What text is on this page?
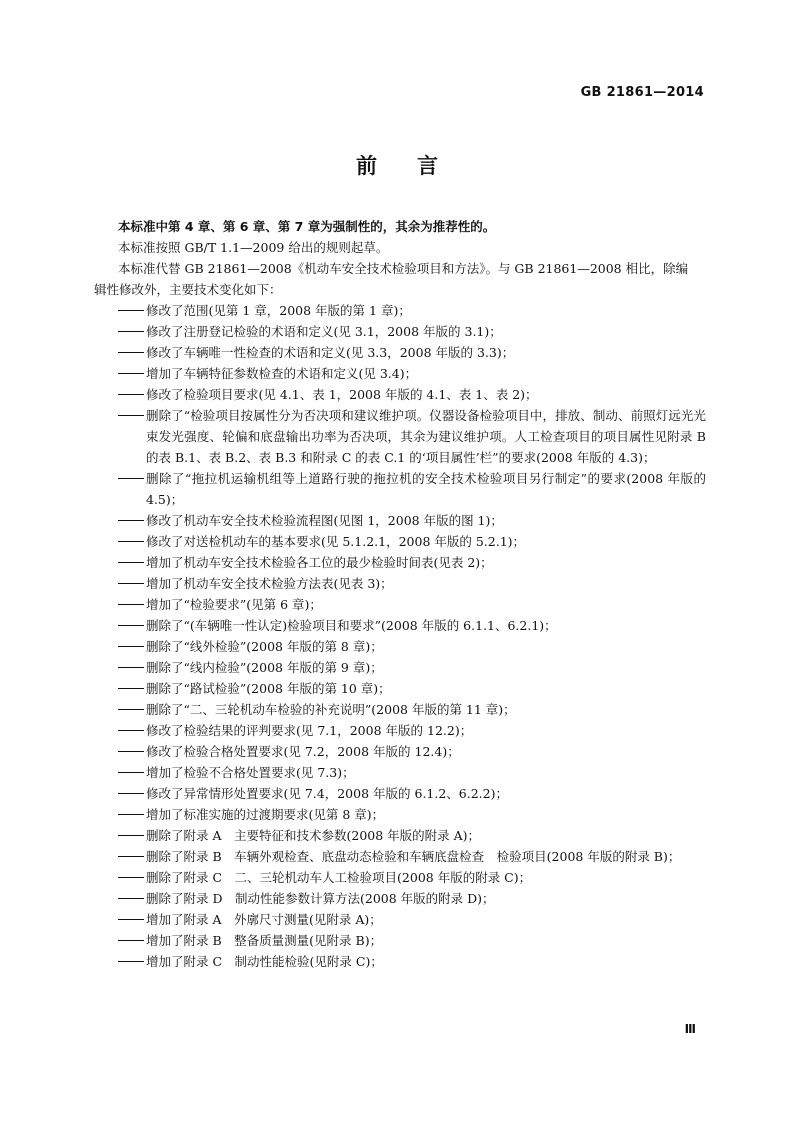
GB 21861—2014
前言
本标准中第 4 章、第 6 章、第 7 章为强制性的，其余为推荐性的。
本标准按照 GB/T 1.1—2009 给出的规则起草。
本标准代替 GB 21861—2008《机动车安全技术检验项目和方法》。与 GB 21861—2008 相比，除编
辑性修改外，主要技术变化如下：
修改了范围(见第 1 章，2008 年版的第 1 章)；
修改了注册登记检验的术语和定义(见 3.1，2008 年版的 3.1)；
修改了车辆唯一性检查的术语和定义(见 3.3，2008 年版的 3.3)；
增加了车辆特征参数检查的术语和定义(见 3.4)；
修改了检验项目要求(见 4.1、表 1，2008 年版的 4.1、表 1、表 2)；
删除了“检验项目按属性分为否决项和建议维护项。仪器设备检验项目中，排放、制动、前照灯远光光束发光强度、轮偏和底盘输出功率为否决项，其余为建议维护项。人工检查项目的项目属性见附录 B 的表 B.1、表 B.2、表 B.3 和附录 C 的表 C.1 的‘项目属性’栏”的要求(2008 年版的 4.3)；
删除了“拖拉机运输机组等上道路行驶的拖拉机的安全技术检验项目另行制定”的要求(2008 年版的 4.5)；
修改了机动车安全技术检验流程图(见图 1，2008 年版的图 1)；
修改了对送检机动车的基本要求(见 5.1.2.1，2008 年版的 5.2.1)；
增加了机动车安全技术检验各工位的最少检验时间表(见表 2)；
增加了机动车安全技术检验方法表(见表 3)；
增加了“检验要求”(见第 6 章)；
删除了“(车辆唯一性认定)检验项目和要求”(2008 年版的 6.1.1、6.2.1)；
删除了“线外检验”(2008 年版的第 8 章)；
删除了“线内检验”(2008 年版的第 9 章)；
删除了“路试检验”(2008 年版的第 10 章)；
删除了“二、三轮机动车检验的补充说明”(2008 年版的第 11 章)；
修改了检验结果的评判要求(见 7.1，2008 年版的 12.2)；
修改了检验合格处置要求(见 7.2，2008 年版的 12.4)；
增加了检验不合格处置要求(见 7.3)；
修改了异常情形处置要求(见 7.4，2008 年版的 6.1.2、6.2.2)；
增加了标准实施的过渡期要求(见第 8 章)；
删除了附录 A　主要特征和技术参数(2008 年版的附录 A)；
删除了附录 B　车辆外观检查、底盘动态检验和车辆底盘检查　检验项目(2008 年版的附录 B)；
删除了附录 C　二、三轮机动车人工检验项目(2008 年版的附录 C)；
删除了附录 D　制动性能参数计算方法(2008 年版的附录 D)；
增加了附录 A　外廓尺寸测量(见附录 A)；
增加了附录 B　整备质量测量(见附录 B)；
增加了附录 C　制动性能检验(见附录 C)；
Ⅲ
